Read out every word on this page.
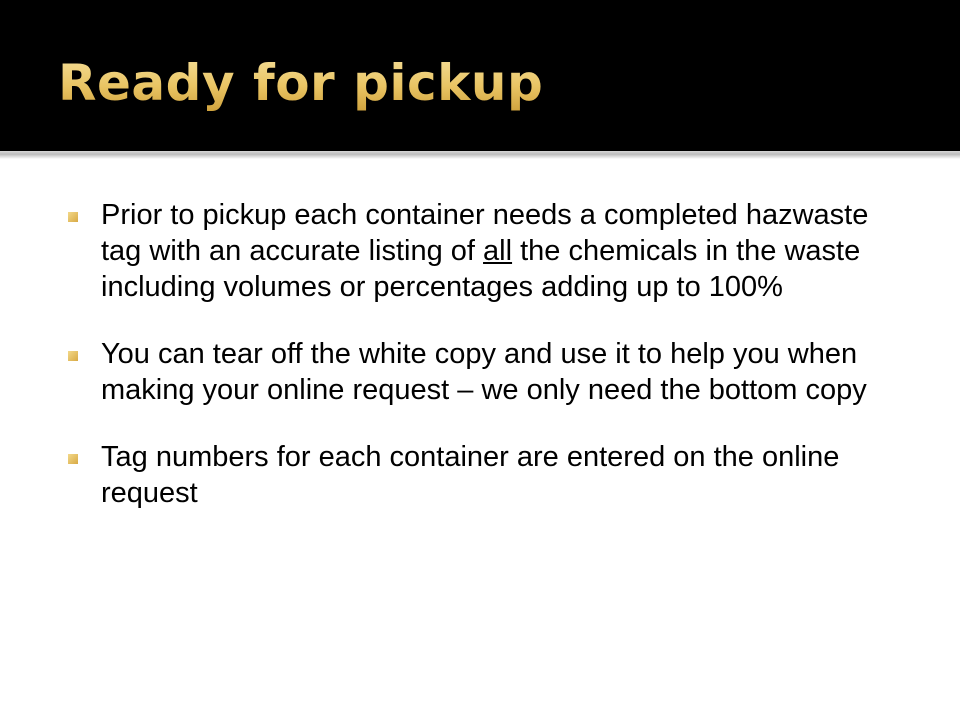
Ready for pickup
Prior to pickup each container needs a completed hazwaste tag with an accurate listing of all the chemicals in the waste including volumes or percentages adding up to 100%
You can tear off the white copy and use it to help you when making your online request – we only need the bottom copy
Tag numbers for each container are entered on the online request
